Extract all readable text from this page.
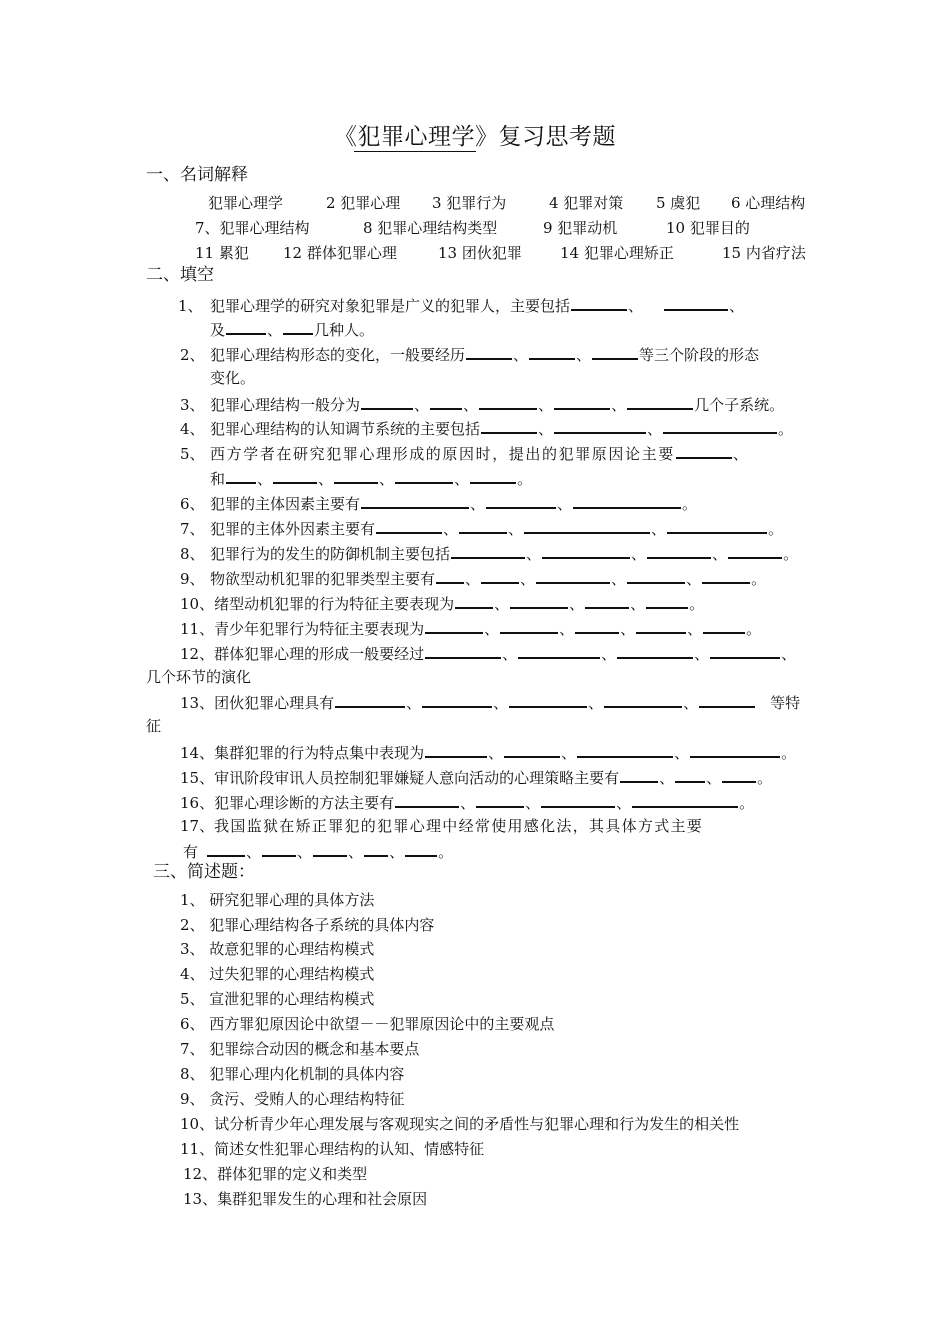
《犯罪心理学》复习思考题
一、名词解释
犯罪心理学	2 犯罪心理 3 犯罪行为	4 犯罪对策 5 虞犯 6 心理结构
7、犯罪心理结构	8 犯罪心理结构类型	9 犯罪动机	10 犯罪目的
11 累犯 12 群体犯罪心理	13 团伙犯罪	14 犯罪心理矫正	15 内省疗法
二、填空
1、 犯罪心理学的研究对象犯罪是广义的犯罪人，主要包括	、	、
及	、 几种人。
2、 犯罪心理结构形态的变化，一般要经历	、	、	等三个阶段的形态
变化。
3、 犯罪心理结构一般分为	、 、	、	、	几个子系统。
4、 犯罪心理结构的认知调节系统的主要包括	、	、	。
5、 西方学者在研究犯罪心理形成的原因时，提出的犯罪原因论主要	、
和 、	、	、	、	。
6、 犯罪的主体因素主要有	、	、	。
7、 犯罪的主体外因素主要有	、	、	、	。
8、 犯罪行为的发生的防御机制主要包括	、	、	、	。
9、 物欲型动机犯罪的犯罪类型主要有 、	、	、	、	。
10、绪型动机犯罪的行为特征主要表现为	、	、	、	。
11、青少年犯罪行为特征主要表现为	、	、	、	、	。
12、群体犯罪心理的形成一般要经过	、	、	、	、
几个环节的演化
13、团伙犯罪心理具有	、	、	、	、	等特
征
14、集群犯罪的行为特点集中表现为	、	、	、	。
15、审讯阶段审讯人员控制犯罪嫌疑人意向活动的心理策略主要有	、 、 。
16、犯罪心理诊断的方法主要有	、	、	、	。
17、我国监狱在矫正罪犯的犯罪心理中经常使用感化法，其具体方式主要
有	、 、 、 、 。
三、简述题：
1、 研究犯罪心理的具体方法
2、 犯罪心理结构各子系统的具体内容
3、 故意犯罪的心理结构模式
4、 过失犯罪的心理结构模式
5、 宣泄犯罪的心理结构模式
6、 西方罪犯原因论中欲望－－犯罪原因论中的主要观点
7、 犯罪综合动因的概念和基本要点
8、 犯罪心理内化机制的具体内容
9、 贪污、受贿人的心理结构特征
10、试分析青少年心理发展与客观现实之间的矛盾性与犯罪心理和行为发生的相关性
11、简述女性犯罪心理结构的认知、情感特征
12、群体犯罪的定义和类型
13、集群犯罪发生的心理和社会原因
